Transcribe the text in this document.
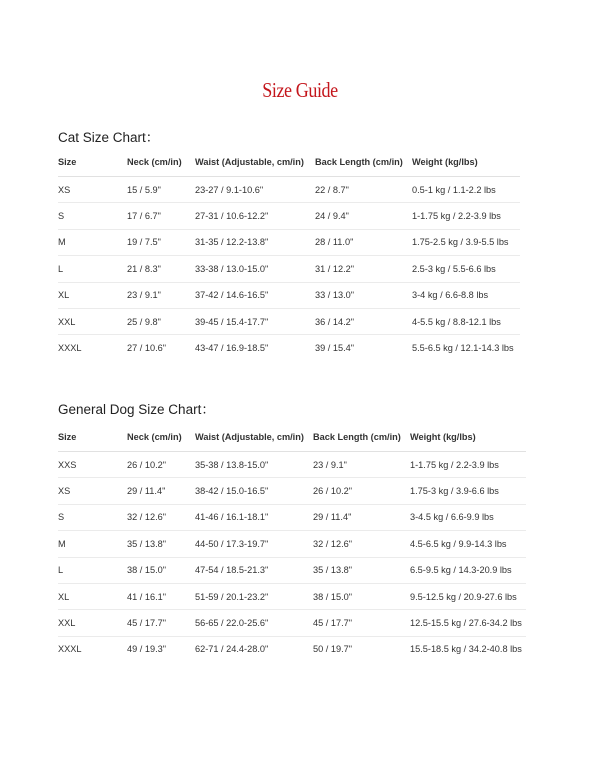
Size Guide
Cat Size Chart：
Size	Neck (cm/in)	Waist (Adjustable, cm/in)	Back Length (cm/in)	Weight (kg/lbs)
XS	15 / 5.9"	23-27 / 9.1-10.6"	22 / 8.7"	0.5-1 kg / 1.1-2.2 lbs
S	17 / 6.7"	27-31 / 10.6-12.2"	24 / 9.4"	1-1.75 kg / 2.2-3.9 lbs
M	19 / 7.5"	31-35 / 12.2-13.8"	28 / 11.0"	1.75-2.5 kg / 3.9-5.5 lbs
L	21 / 8.3"	33-38 / 13.0-15.0"	31 / 12.2"	2.5-3 kg / 5.5-6.6 lbs
XL	23 / 9.1"	37-42 / 14.6-16.5"	33 / 13.0"	3-4 kg / 6.6-8.8 lbs
XXL	25 / 9.8"	39-45 / 15.4-17.7"	36 / 14.2"	4-5.5 kg / 8.8-12.1 lbs
XXXL	27 / 10.6"	43-47 / 16.9-18.5"	39 / 15.4"	5.5-6.5 kg / 12.1-14.3 lbs
General Dog Size Chart：
Size	Neck (cm/in)	Waist (Adjustable, cm/in)	Back Length (cm/in)	Weight (kg/lbs)
XXS	26 / 10.2"	35-38 / 13.8-15.0"	23 / 9.1"	1-1.75 kg / 2.2-3.9 lbs
XS	29 / 11.4"	38-42 / 15.0-16.5"	26 / 10.2"	1.75-3 kg / 3.9-6.6 lbs
S	32 / 12.6"	41-46 / 16.1-18.1"	29 / 11.4"	3-4.5 kg / 6.6-9.9 lbs
M	35 / 13.8"	44-50 / 17.3-19.7"	32 / 12.6"	4.5-6.5 kg / 9.9-14.3 lbs
L	38 / 15.0"	47-54 / 18.5-21.3"	35 / 13.8"	6.5-9.5 kg / 14.3-20.9 lbs
XL	41 / 16.1"	51-59 / 20.1-23.2"	38 / 15.0"	9.5-12.5 kg / 20.9-27.6 lbs
XXL	45 / 17.7"	56-65 / 22.0-25.6"	45 / 17.7"	12.5-15.5 kg / 27.6-34.2 lbs
XXXL	49 / 19.3"	62-71 / 24.4-28.0"	50 / 19.7"	15.5-18.5 kg / 34.2-40.8 lbs
